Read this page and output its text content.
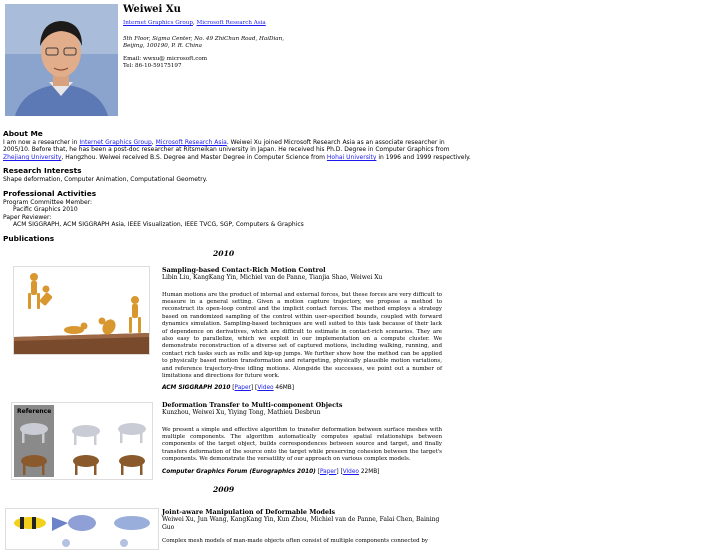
Weiwei Xu
Internet Graphics Group, Microsoft Research Asia
5th Floor, Sigma Center, No. 49 ZhiChun Road, HaiDian,
Beijing, 100190, P. R. China
Email: wwxu@ microsoft.com
Tel: 86-10-59175197
About Me
I am now a researcher in Internet Graphics Group, Microsoft Research Asia. Weiwei Xu joined Microsoft Research Asia as an associate researcher in 2005/10. Before that, he has been a post-doc researcher at Ritsmeikan university in Japan. He received his Ph.D. Degree in Computer Graphics from Zhejiang University, Hangzhou. Weiwei received B.S. Degree and Master Degree in Computer Science from Hohai University in 1996 and 1999 respectively.
Research Interests
Shape deformation, Computer Animation, Computational Geometry.
Professional Activities
Program Committee Member:
Pacific Graphics 2010
Paper Reviewer:
ACM SIGGRAPH, ACM SIGGRAPH Asia, IEEE Visualization, IEEE TVCG, SGP, Computers & Graphics
Publications
2010
Sampling-based Contact-Rich Motion Control
Libin Liu, KangKang Yin, Michiel van de Panne, Tianjia Shao, Weiwei Xu
Human motions are the product of internal and external forces, but these forces are very difficult to measure in a general setting. Given a motion capture trajectory, we propose a method to reconstruct its open-loop control and the implicit contact forces. The method employs a strategy based on randomized sampling of the control within user-specified bounds, coupled with forward dynamics simulation. Sampling-based techniques are well suited to this task because of their lack of dependence on derivatives, which are difficult to estimate in contact-rich scenarios. They are also easy to parallelize, which we exploit in our implementation on a compute cluster. We demonstrate reconstruction of a diverse set of captured motions, including walking, running, and contact rich tasks such as rolls and kip-up jumps. We further show how the method can be applied to physically based motion transformation and retargeting, physically plausible motion variations, and reference trajectory-free idling motions. Alongside the successes, we point out a number of limitations and directions for future work.
ACM SIGGRAPH 2010 [Paper] [Video 46MB]
Reference
Deformation Transfer to Multi-component Objects
Kunzhou, Weiwei Xu, Yiying Tong, Mathieu Desbrun
We present a simple and effective algorithm to transfer deformation between surface meshes with multiple components. The algorithm automatically computes spatial relationships between components of the target object, builds correspondences between source and target, and finally transfers deformation of the source onto the target while preserving cohesion between the target's components. We demonstrate the versatility of our approach on various complex models.
Computer Graphics Forum (Eurographics 2010) [Paper] [Video 22MB]
2009
Joint-aware Manipulation of Deformable Models
Weiwei Xu, Jun Wang, KangKang Yin, Kun Zhou, Michiel van de Panne, Falai Chen, Baining Guo
Complex mesh models of man-made objects often consist of multiple components connected by
